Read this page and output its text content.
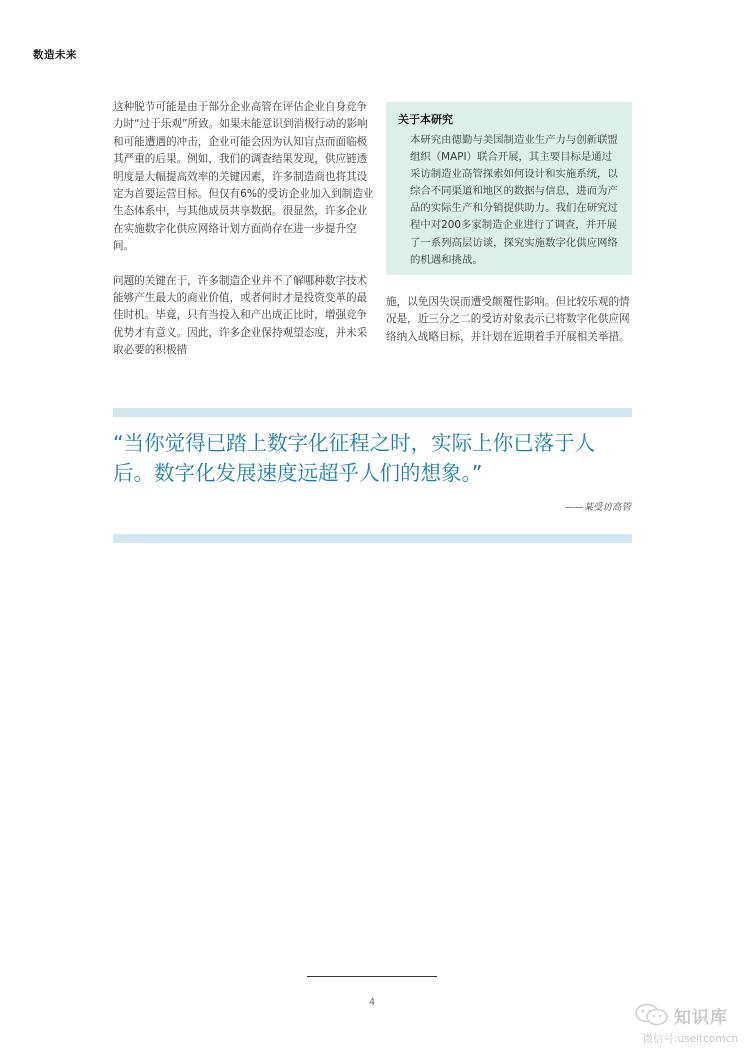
数造未来

这种脱节可能是由于部分企业高管在评估企业自身竞争力时“过于乐观”所致。如果未能意识到消极行动的影响和可能遭遇的冲击，企业可能会因为认知盲点而面临极其严重的后果。例如，我们的调查结果发现，供应链透明度是大幅提高效率的关键因素，许多制造商也将其设定为首要运营目标。但仅有6%的受访企业加入到制造业生态体系中，与其他成员共享数据。很显然，许多企业在实施数字化供应网络计划方面尚存在进一步提升空间。

问题的关键在于，许多制造企业并不了解哪种数字技术能够产生最大的商业价值，或者何时才是投资变革的最佳时机。毕竟，只有当投入和产出成正比时，增强竞争优势才有意义。因此，许多企业保持观望态度，并未采取必要的积极措

关于本研究

本研究由德勤与美国制造业生产力与创新联盟组织（MAPI）联合开展，其主要目标是通过采访制造业高管探索如何设计和实施系统，以综合不同渠道和地区的数据与信息，进而为产品的实际生产和分销提供助力。我们在研究过程中对200多家制造企业进行了调查，并开展了一系列高层访谈，探究实施数字化供应网络的机遇和挑战。

施，以免因失误而遭受颠覆性影响。但比较乐观的情况是，近三分之二的受访对象表示已将数字化供应网络纳入战略目标，并计划在近期着手开展相关举措。

“当你觉得已踏上数字化征程之时，实际上你已落于人后。数字化发展速度远超乎人们的想象。”

——某受访高管
4
知识库
微信号:useitcomcn
